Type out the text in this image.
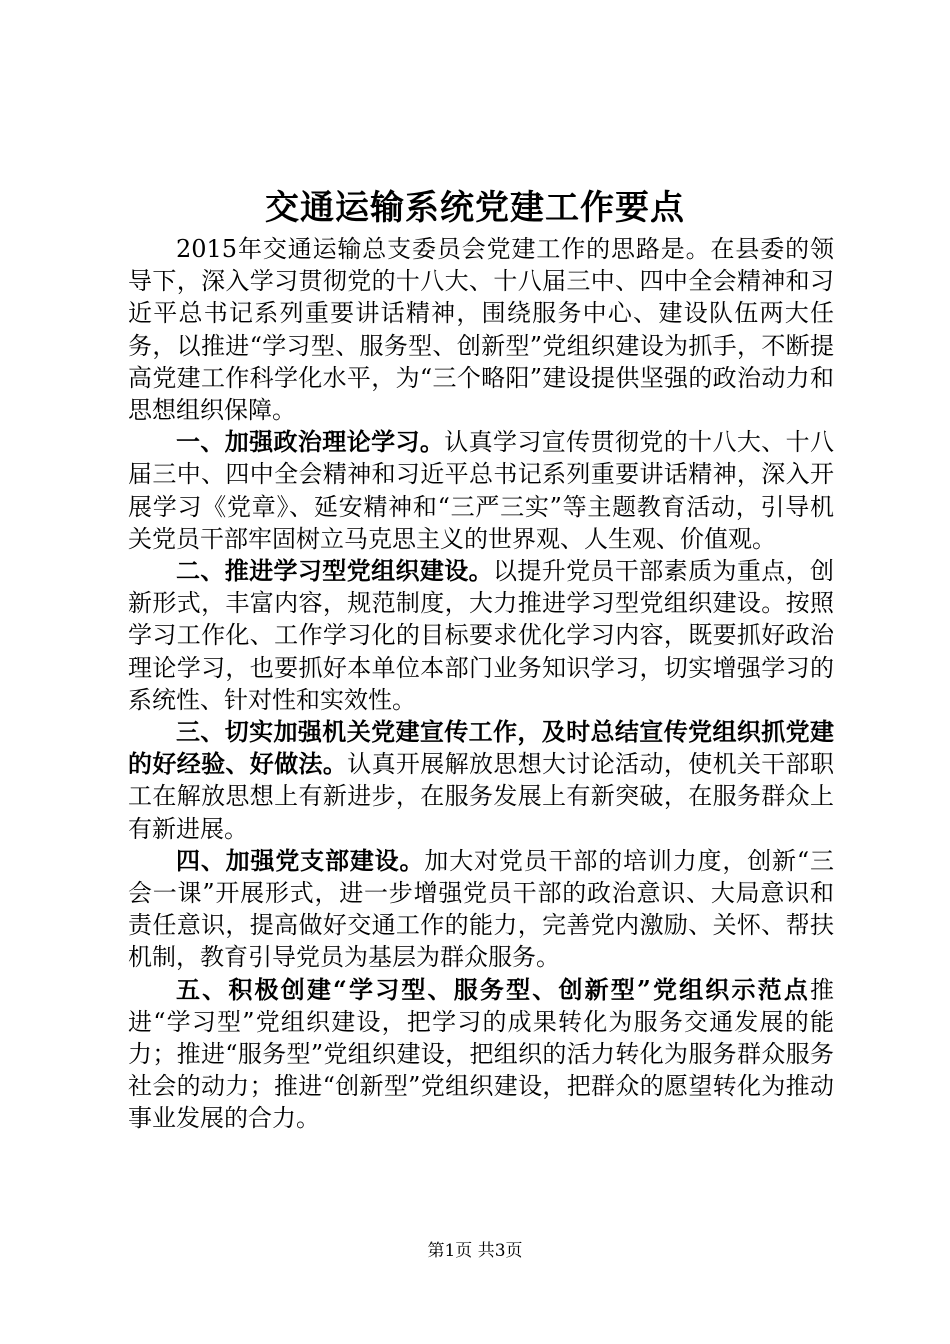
交通运输系统党建工作要点

2015年交通运输总支委员会党建工作的思路是。在县委的领导下，深入学习贯彻党的十八大、十八届三中、四中全会精神和习近平总书记系列重要讲话精神，围绕服务中心、建设队伍两大任务，以推进“学习型、服务型、创新型”党组织建设为抓手，不断提高党建工作科学化水平，为“三个略阳”建设提供坚强的政治动力和思想组织保障。

一、加强政治理论学习。认真学习宣传贯彻党的十八大、十八届三中、四中全会精神和习近平总书记系列重要讲话精神，深入开展学习《党章》、延安精神和“三严三实”等主题教育活动，引导机关党员干部牢固树立马克思主义的世界观、人生观、价值观。

二、推进学习型党组织建设。以提升党员干部素质为重点，创新形式，丰富内容，规范制度，大力推进学习型党组织建设。按照学习工作化、工作学习化的目标要求优化学习内容，既要抓好政治理论学习，也要抓好本单位本部门业务知识学习，切实增强学习的系统性、针对性和实效性。

三、切实加强机关党建宣传工作，及时总结宣传党组织抓党建的好经验、好做法。认真开展解放思想大讨论活动，使机关干部职工在解放思想上有新进步，在服务发展上有新突破，在服务群众上有新进展。

四、加强党支部建设。加大对党员干部的培训力度，创新“三会一课”开展形式，进一步增强党员干部的政治意识、大局意识和责任意识，提高做好交通工作的能力，完善党内激励、关怀、帮扶机制，教育引导党员为基层为群众服务。

五、积极创建“学习型、服务型、创新型”党组织示范点推进“学习型”党组织建设，把学习的成果转化为服务交通发展的能力；推进“服务型”党组织建设，把组织的活力转化为服务群众服务社会的动力；推进“创新型”党组织建设，把群众的愿望转化为推动事业发展的合力。

第1页 共3页
